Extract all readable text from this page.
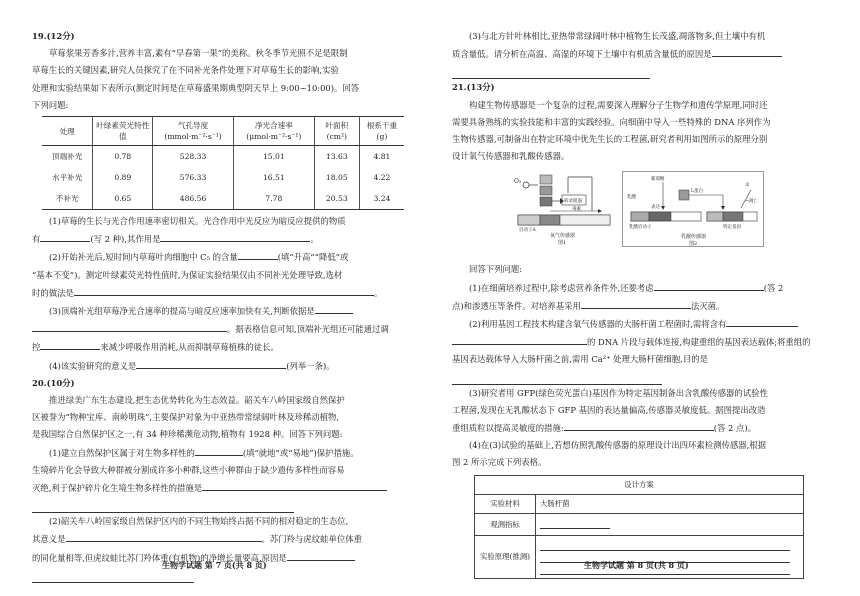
19.(12分)

草莓浆果芳香多汁,营养丰富,素有“早春第一果”的美称。秋冬季节光照不足是限制

草莓生长的关键因素,研究人员探究了在不同补光条件处理下对草莓生长的影响,实验

处理和实验结果如下表所示(测定时间是在草莓盛果期典型阴天早上 9:00~10:00)。回答

下列问题:

处理	叶绿素荧光特性值	气孔导度(mmol·m⁻²·s⁻¹)	净光合速率(μmol·m⁻²·s⁻¹)	叶面积(cm²)	根系干重(g)
顶端补光	0.78	528.33	15.01	13.63	4.81
水平补光	0.89	576.33	16.51	18.05	4.22
不补光	0.65	486.56	7.78	20.53	3.24

(1)草莓的生长与光合作用速率密切相关。光合作用中光反应为暗反应提供的物质

有	(写 2 种),其作用是	。

(2)开始补光后,短时间内草莓叶肉细胞中 C₅ 的含量	(填“升高”“降低”或

“基本不变”)。测定叶绿素荧光特性值时,为保证实验结果仅由不同补光处理导致,选材

时的做法是	。

(3)顶端补光组草莓净光合速率的提高与暗反应速率加快有关,判断依据是

。据表格信息可知,顶端补光组还可能通过调

控	来减少呼吸作用消耗,从而抑制草莓植株的徒长。

(4)该实验研究的意义是	(列举一条)。

20.(10分)

推进绿美广东生态建设,把生态优势转化为生态效益。韶关车八岭国家级自然保护

区被誉为“物种宝库、南岭明珠”,主要保护对象为中亚热带常绿阔叶林及珍稀动植物,

是我国综合自然保护区之一,有 34 种珍稀濒危动物,植物有 1928 种。回答下列问题:

(1)建立自然保护区属于对生物多样性的	(填“就地”或“易地”)保护措施。

生境碎片化会导致大种群被分割成许多小种群,这些小种群由于缺少遗传多样性而容易

灭绝,利于保护碎片化生境生物多样性的措施是

(2)韶关车八岭国家级自然保护区内的不同生物始终占据不同的相对稳定的生态位,

其意义是	。苏门羚与虎纹蛙单位体重

的同化量相等,但虎纹蛙比苏门羚体重(有机物)的净增长量要高,原因是

生物学试题 第 7 页(共 8 页)

(3)与北方针叶林相比,亚热带常绿阔叶林中植物生长茂盛,凋落物多,但土壤中有机

质含量低。请分析在高温、高湿的环境下土壤中有机质含量低的原因是

21.(13分)

构建生物传感器是一个复杂的过程,需要深入理解分子生物学和遗传学原理,同时还

需要具备熟练的实验技能和丰富的实践经验。向细菌中导入一些特殊的 DNA 序列作为

生物传感器,可制备出在特定环境中优先生长的工程菌,研究者利用如图所示的原理分别

设计氧气传感器和乳酸传感器。

O₂
转录阻遏
毒素
启动子A
氧气传感器
图1
乳酸
葡萄糖
L蛋白
表达
乳酸启动子	特定基因
杀
→凋亡
乳酸传感器
图2

回答下列问题:

(1)在细菌培养过程中,除考虑营养条件外,还要考虑	(答 2

点)和渗透压等条件。对培养基采用	法灭菌。

(2)利用基因工程技术构建含氧气传感器的大肠杆菌工程菌时,需将含有

的 DNA 片段与载体连接,构建重组的基因表达载体;将重组的

基因表达载体导入大肠杆菌之前,需用 Ca²⁺ 处理大肠杆菌细胞,目的是

(3)研究者用 GFP(绿色荧光蛋白)基因作为特定基因制备出含乳酸传感器的试验性

工程菌,发现在无乳酸状态下 GFP 基因的表达量偏高,传感器灵敏度低。据图提出改造

重组质粒以提高灵敏度的措施:	(答 2 点)。

(4)在(3)试验的基础上,若想仿照乳酸传感器的原理设计出四环素检测传感器,根据

图 2 所示完成下列表格。

设计方案	
实验材料	大肠杆菌
观测指标	
实验原理(推测)	
生物学试题 第 8 页(共 8 页)
